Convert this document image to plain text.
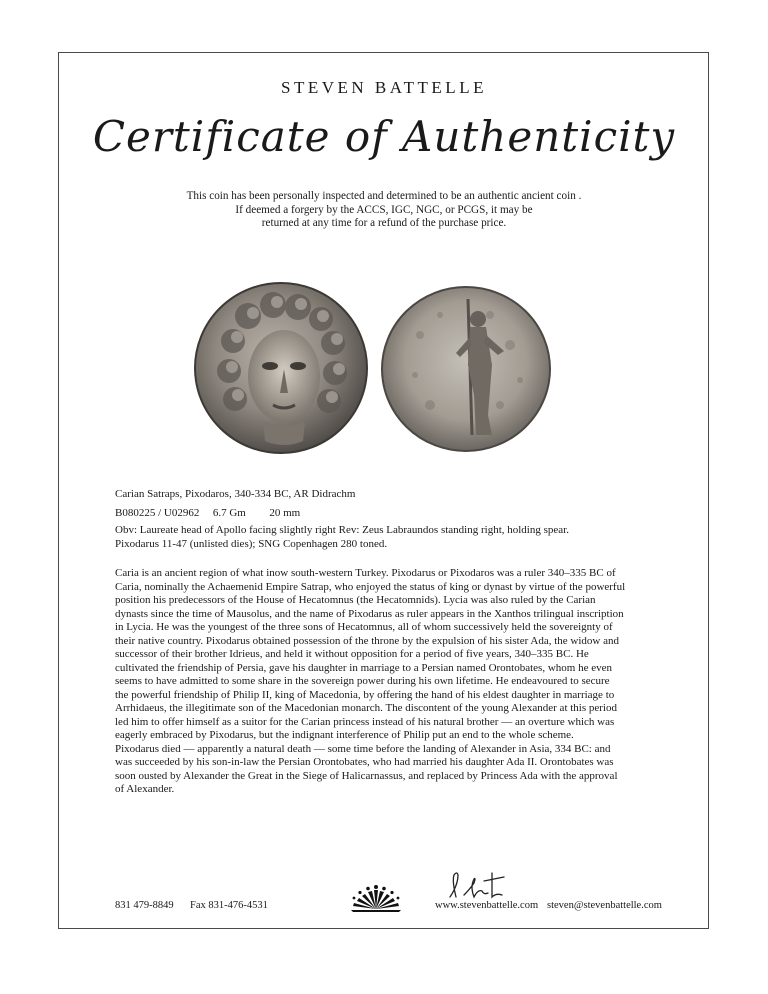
STEVEN BATTELLE
Certificate of Authenticity
This coin has been personally inspected and determined to be an authentic ancient coin .
If deemed a forgery by the ACCS, IGC, NGC, or PCGS, it may be
returned at any time for a refund of the purchase price.
Carian Satraps, Pixodaros, 340-334 BC, AR Didrachm
B080225 / U02962 6.7 Gm 20 mm
Obv: Laureate head of Apollo facing slightly right Rev: Zeus Labraundos standing right, holding spear.
Pixodarus 11-47 (unlisted dies); SNG Copenhagen 280 toned.
Caria is an ancient region of what inow south-western Turkey. Pixodarus or Pixodaros was a ruler 340–335 BC of
Caria, nominally the Achaemenid Empire Satrap, who enjoyed the status of king or dynast by virtue of the powerful
position his predecessors of the House of Hecatomnus (the Hecatomnids). Lycia was also ruled by the Carian
dynasts since the time of Mausolus, and the name of Pixodarus as ruler appears in the Xanthos trilingual inscription
in Lycia. He was the youngest of the three sons of Hecatomnus, all of whom successively held the sovereignty of
their native country. Pixodarus obtained possession of the throne by the expulsion of his sister Ada, the widow and
successor of their brother Idrieus, and held it without opposition for a period of five years, 340–335 BC. He
cultivated the friendship of Persia, gave his daughter in marriage to a Persian named Orontobates, whom he even
seems to have admitted to some share in the sovereign power during his own lifetime. He endeavoured to secure
the powerful friendship of Philip II, king of Macedonia, by offering the hand of his eldest daughter in marriage to
Arrhidaeus, the illegitimate son of the Macedonian monarch. The discontent of the young Alexander at this period
led him to offer himself as a suitor for the Carian princess instead of his natural brother — an overture which was
eagerly embraced by Pixodarus, but the indignant interference of Philip put an end to the whole scheme.
Pixodarus died — apparently a natural death — some time before the landing of Alexander in Asia, 334 BC: and
was succeeded by his son-in-law the Persian Orontobates, who had married his daughter Ada II. Orontobates was
soon ousted by Alexander the Great in the Siege of Halicarnassus, and replaced by Princess Ada with the approval
of Alexander.
831 479-8849 Fax 831-476-4531	www.stevenbattelle.com steven@stevenbattelle.com
